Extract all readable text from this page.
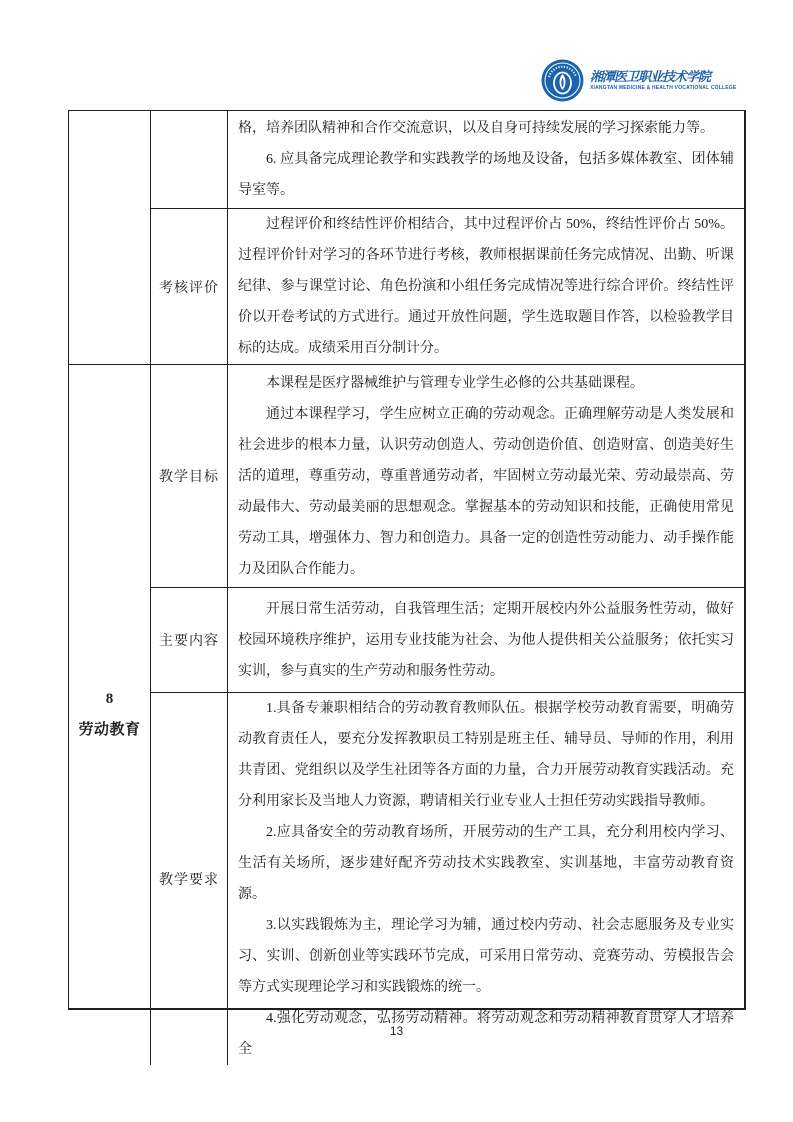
湘潭医卫职业技术学院
XIANGTAN MEDICINE & HEALTH VOCATIONAL COLLEGE

格，培养团队精神和合作交流意识，以及自身可持续发展的学习探索能力等。

6. 应具备完成理论教学和实践教学的场地及设备，包括多媒体教室、团体辅导室等。

考核评价

过程评价和终结性评价相结合，其中过程评价占 50%，终结性评价占 50%。过程评价针对学习的各环节进行考核，教师根据课前任务完成情况、出勤、听课纪律、参与课堂讨论、角色扮演和小组任务完成情况等进行综合评价。终结性评价以开卷考试的方式进行。通过开放性问题，学生选取题目作答，以检验教学目标的达成。成绩采用百分制计分。

8
劳动教育
教学目标

本课程是医疗器械维护与管理专业学生必修的公共基础课程。

通过本课程学习，学生应树立正确的劳动观念。正确理解劳动是人类发展和社会进步的根本力量，认识劳动创造人、劳动创造价值、创造财富、创造美好生活的道理，尊重劳动，尊重普通劳动者，牢固树立劳动最光荣、劳动最崇高、劳动最伟大、劳动最美丽的思想观念。掌握基本的劳动知识和技能，正确使用常见劳动工具，增强体力、智力和创造力。具备一定的创造性劳动能力、动手操作能力及团队合作能力。

主要内容

开展日常生活劳动，自我管理生活；定期开展校内外公益服务性劳动，做好校园环境秩序维护，运用专业技能为社会、为他人提供相关公益服务；依托实习实训，参与真实的生产劳动和服务性劳动。

教学要求

1.具备专兼职相结合的劳动教育教师队伍。根据学校劳动教育需要，明确劳动教育责任人，要充分发挥教职员工特别是班主任、辅导员、导师的作用，利用共青团、党组织以及学生社团等各方面的力量，合力开展劳动教育实践活动。充分利用家长及当地人力资源，聘请相关行业专业人士担任劳动实践指导教师。

2.应具备安全的劳动教育场所，开展劳动的生产工具，充分利用校内学习、生活有关场所，逐步建好配齐劳动技术实践教室、实训基地，丰富劳动教育资源。

3.以实践锻炼为主，理论学习为辅，通过校内劳动、社会志愿服务及专业实习、实训、创新创业等实践环节完成，可采用日常劳动、竞赛劳动、劳模报告会等方式实现理论学习和实践锻炼的统一。

4.强化劳动观念，弘扬劳动精神。将劳动观念和劳动精神教育贯穿人才培养全

13
